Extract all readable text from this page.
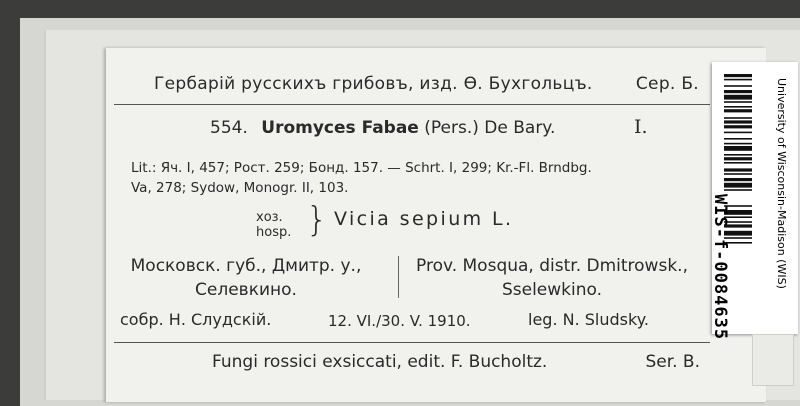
Гербарій русскихъ грибовъ, изд. Ѳ. Бухгольцъ.	Сер. Б.
554. Uromyces Fabae (Pers.) De Bary.	I.
Lit.: Яч. I, 457; Рост. 259; Бонд. 157. — Schrt. I, 299; Kr.-Fl. Brndbg.
Va, 278; Sydow, Monogr. II, 103.
хоз.
hosp. } Vicia sepium L.
Московск. губ., Дмитр. у.,
Селевкино.
Prov. Mosqua, distr. Dmitrowsk.,
Sselewkino.
собр. Н. Слудскій.	12. VI./30. V. 1910.	leg. N. Sludsky.
Fungi rossici exsiccati, edit. F. Bucholtz.	Ser. B.
WIS-f-0084635	University of Wisconsin-Madison (WIS)
